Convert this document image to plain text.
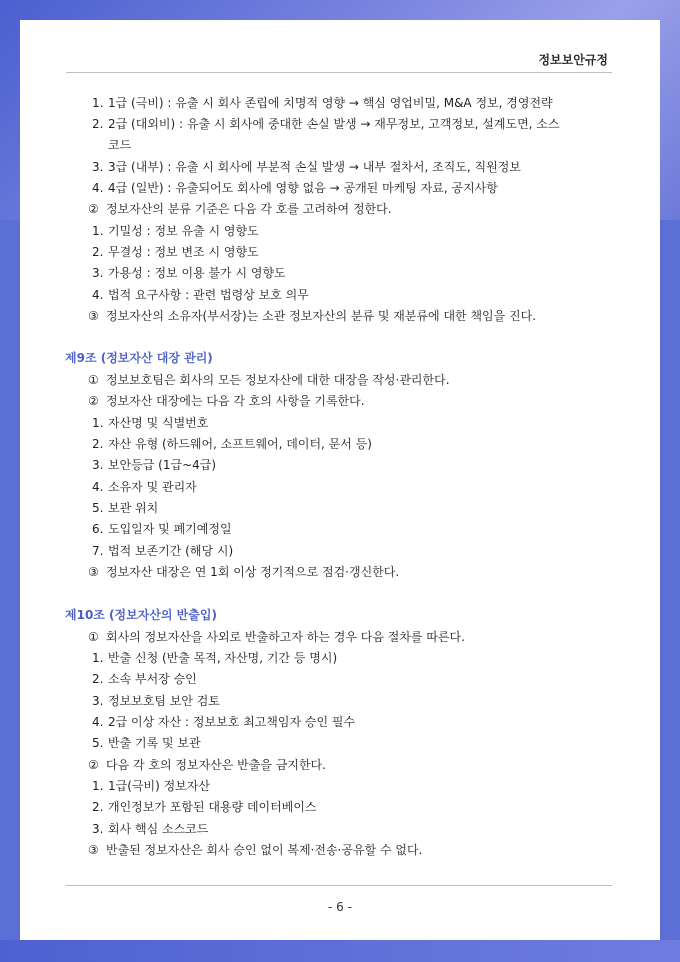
정보보안규정
1. 1급 (극비) : 유출 시 회사 존립에 치명적 영향 → 핵심 영업비밀, M&A 정보, 경영전략
2. 2급 (대외비) : 유출 시 회사에 중대한 손실 발생 → 재무정보, 고객정보, 설계도면, 소스
코드
3. 3급 (내부) : 유출 시 회사에 부분적 손실 발생 → 내부 절차서, 조직도, 직원정보
4. 4급 (일반) : 유출되어도 회사에 영향 없음 → 공개된 마케팅 자료, 공지사항
② 정보자산의 분류 기준은 다음 각 호를 고려하여 정한다.
1. 기밀성 : 정보 유출 시 영향도
2. 무결성 : 정보 변조 시 영향도
3. 가용성 : 정보 이용 불가 시 영향도
4. 법적 요구사항 : 관련 법령상 보호 의무
③ 정보자산의 소유자(부서장)는 소관 정보자산의 분류 및 재분류에 대한 책임을 진다.
제9조 (정보자산 대장 관리)
① 정보보호팀은 회사의 모든 정보자산에 대한 대장을 작성·관리한다.
② 정보자산 대장에는 다음 각 호의 사항을 기록한다.
1. 자산명 및 식별번호
2. 자산 유형 (하드웨어, 소프트웨어, 데이터, 문서 등)
3. 보안등급 (1급~4급)
4. 소유자 및 관리자
5. 보관 위치
6. 도입일자 및 폐기예정일
7. 법적 보존기간 (해당 시)
③ 정보자산 대장은 연 1회 이상 정기적으로 점검·갱신한다.
제10조 (정보자산의 반출입)
① 회사의 정보자산을 사외로 반출하고자 하는 경우 다음 절차를 따른다.
1. 반출 신청 (반출 목적, 자산명, 기간 등 명시)
2. 소속 부서장 승인
3. 정보보호팀 보안 검토
4. 2급 이상 자산 : 정보보호 최고책임자 승인 필수
5. 반출 기록 및 보관
② 다음 각 호의 정보자산은 반출을 금지한다.
1. 1급(극비) 정보자산
2. 개인정보가 포함된 대용량 데이터베이스
3. 회사 핵심 소스코드
③ 반출된 정보자산은 회사 승인 없이 복제·전송·공유할 수 없다.
- 6 -
